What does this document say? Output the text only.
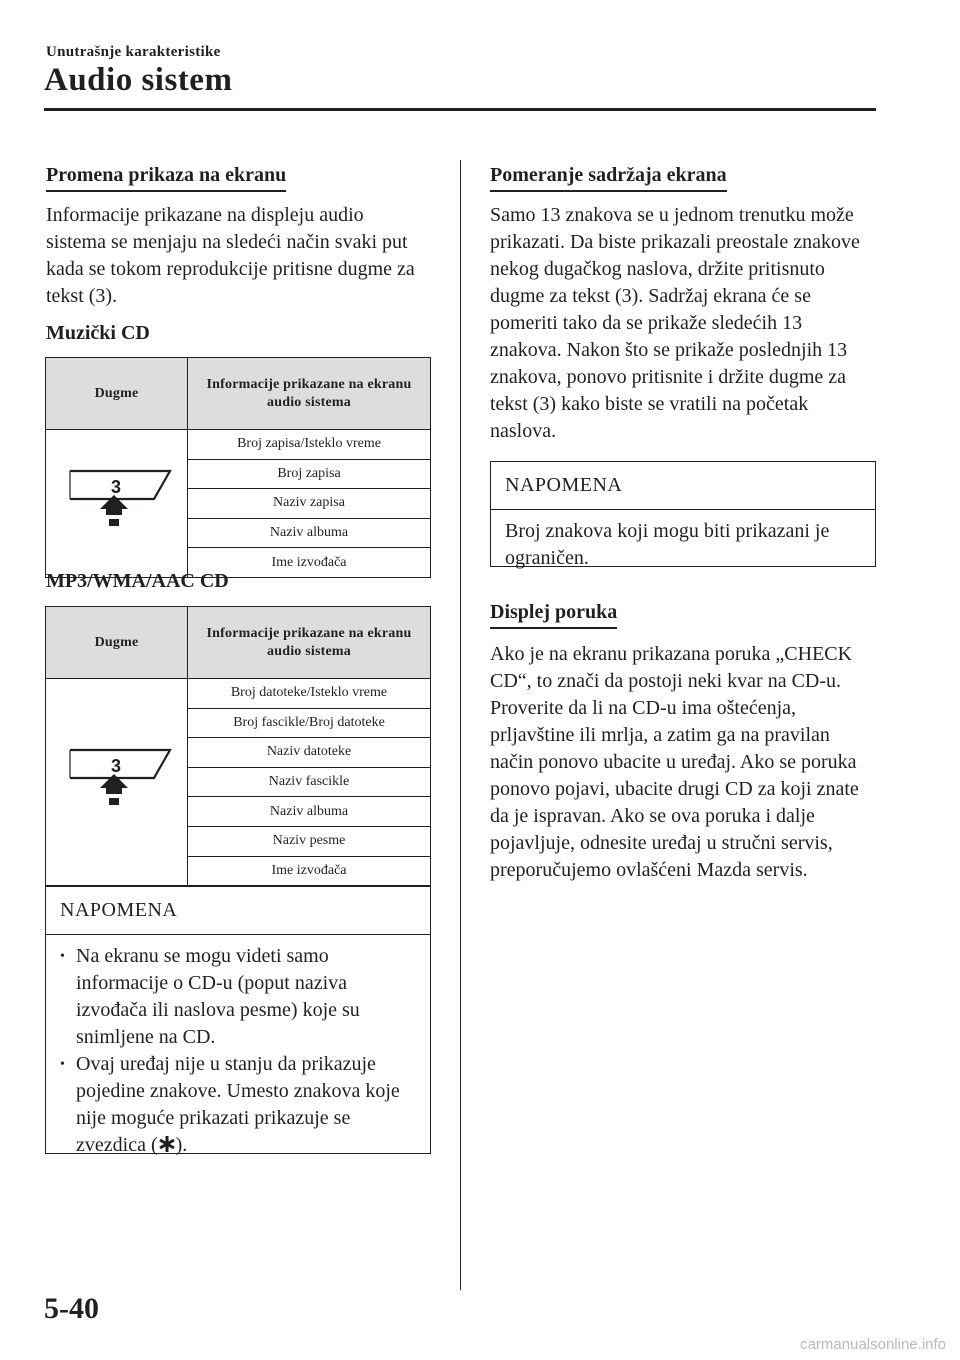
Unutrašnje karakteristike
Audio sistem
Promena prikaza na ekranu
Informacije prikazane na displeju audio sistema se menjaju na sledeći način svaki put kada se tokom reprodukcije pritisne dugme za tekst (3).
Muzički CD
Dugme	Informacije prikazane na ekranu audio sistema

3	Broj zapisa/Isteklo vreme
	Broj zapisa
	Naziv zapisa
	Naziv albuma
	Ime izvođača
MP3/WMA/AAC CD
Dugme	Informacije prikazane na ekranu audio sistema

3	Broj datoteke/Isteklo vreme
	Broj fascikle/Broj datoteke
	Naziv datoteke
	Naziv fascikle
	Naziv albuma
	Naziv pesme
	Ime izvođača
NAPOMENA
• Na ekranu se mogu videti samo informacije o CD-u (poput naziva izvođača ili naslova pesme) koje su snimljene na CD.
• Ovaj uređaj nije u stanju da prikazuje pojedine znakove. Umesto znakova koje nije moguće prikazati prikazuje se zvezdica ( ).
Pomeranje sadržaja ekrana
Samo 13 znakova se u jednom trenutku može prikazati. Da biste prikazali preostale znakove nekog dugačkog naslova, držite pritisnuto dugme za tekst (3). Sadržaj ekrana će se pomeriti tako da se prikaže sledećih 13 znakova. Nakon što se prikaže poslednjih 13 znakova, ponovo pritisnite i držite dugme za tekst (3) kako biste se vratili na početak naslova.
NAPOMENA
Broj znakova koji mogu biti prikazani je ograničen.
Displej poruka
Ako je na ekranu prikazana poruka „CHECK CD“, to znači da postoji neki kvar na CD-u. Proverite da li na CD-u ima oštećenja, prljavštine ili mrlja, a zatim ga na pravilan način ponovo ubacite u uređaj. Ako se poruka ponovo pojavi, ubacite drugi CD za koji znate da je ispravan. Ako se ova poruka i dalje pojavljuje, odnesite uređaj u stručni servis, preporučujemo ovlašćeni Mazda servis.
5-40
carmanualsonline.info
